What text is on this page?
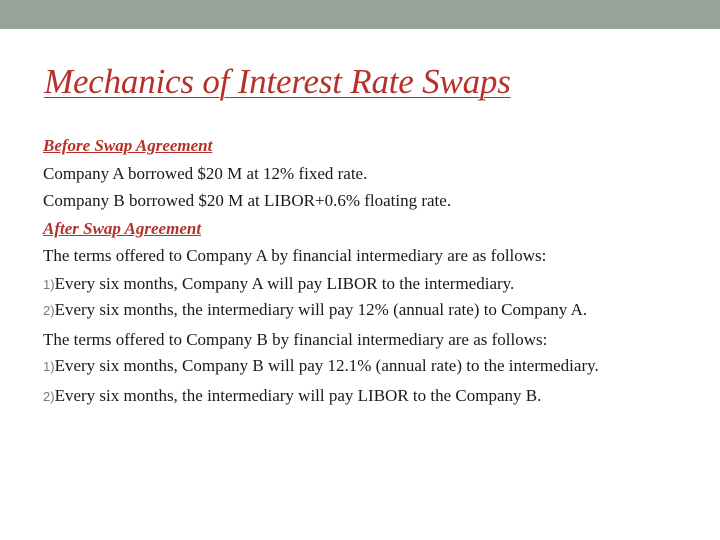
Mechanics of Interest Rate Swaps
Before Swap Agreement
Company A borrowed $20 M at 12% fixed rate.
Company B borrowed $20 M at LIBOR+0.6% floating rate.
After Swap Agreement
The terms offered to Company A by financial intermediary are as follows:
1)Every six months, Company A will pay LIBOR to the intermediary.
2)Every six months, the intermediary will pay 12% (annual rate) to Company A.
The terms offered to Company B by financial intermediary are as follows:
1)Every six months, Company B will pay 12.1% (annual rate) to the intermediary.
2)Every six months, the intermediary will pay LIBOR to the Company B.
